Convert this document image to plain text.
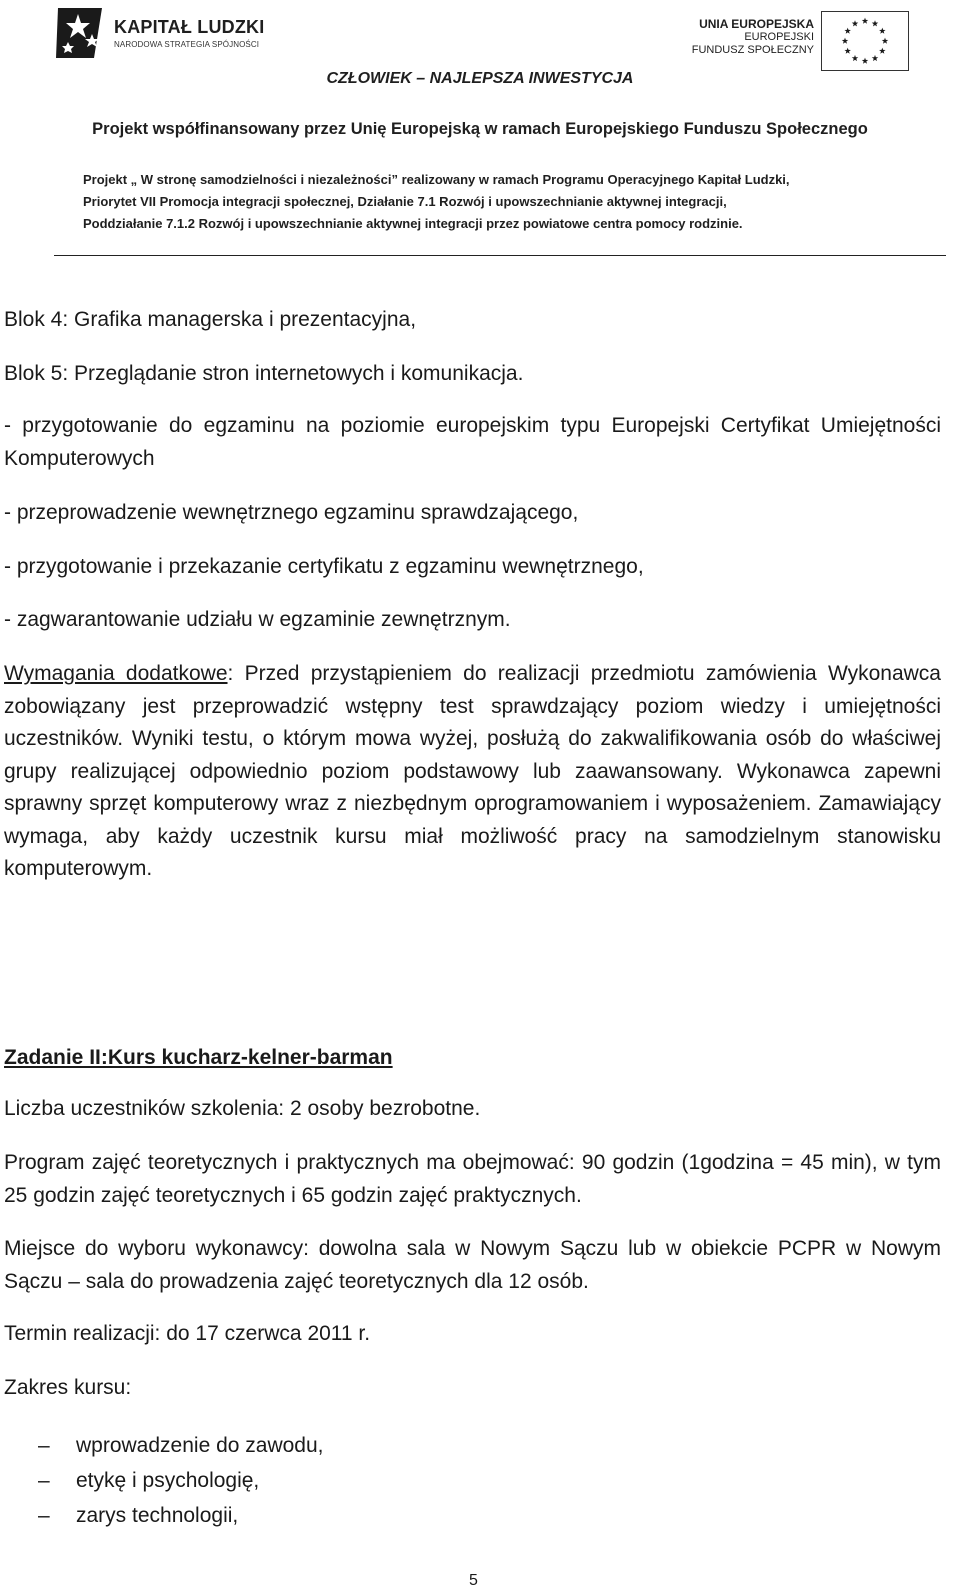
KAPITAŁ LUDZKI
NARODOWA STRATEGIA SPÓJNOŚCI
UNIA EUROPEJSKA
EUROPEJSKI
FUNDUSZ SPOŁECZNY
CZŁOWIEK – NAJLEPSZA INWESTYCJA
Projekt współfinansowany przez Unię Europejską w ramach Europejskiego Funduszu Społecznego
Projekt „ W stronę samodzielności i niezależności” realizowany w ramach Programu Operacyjnego Kapitał Ludzki,
Priorytet VII Promocja integracji społecznej, Działanie 7.1 Rozwój i upowszechnianie aktywnej integracji,
Poddziałanie 7.1.2 Rozwój i upowszechnianie aktywnej integracji przez powiatowe centra pomocy rodzinie.
Blok 4: Grafika managerska i prezentacyjna,
Blok 5: Przeglądanie stron internetowych i komunikacja.
- przygotowanie do egzaminu na poziomie europejskim typu Europejski Certyfikat Umiejętności Komputerowych
- przeprowadzenie wewnętrznego egzaminu sprawdzającego,
- przygotowanie i przekazanie certyfikatu z egzaminu wewnętrznego,
- zagwarantowanie udziału w egzaminie zewnętrznym.
Wymagania dodatkowe: Przed przystąpieniem do realizacji przedmiotu zamówienia Wykonawca zobowiązany jest przeprowadzić wstępny test sprawdzający poziom wiedzy i umiejętności uczestników. Wyniki testu, o którym mowa wyżej, posłużą do zakwalifikowania osób do właściwej grupy realizującej odpowiednio poziom podstawowy lub zaawansowany. Wykonawca zapewni sprawny sprzęt komputerowy wraz z niezbędnym oprogramowaniem i wyposażeniem. Zamawiający wymaga, aby każdy uczestnik kursu miał możliwość pracy na samodzielnym stanowisku komputerowym.
Zadanie II:Kurs kucharz-kelner-barman
Liczba uczestników szkolenia: 2 osoby bezrobotne.
Program zajęć teoretycznych i praktycznych ma obejmować: 90 godzin (1godzina = 45 min), w tym 25 godzin zajęć teoretycznych i 65 godzin zajęć praktycznych.
Miejsce do wyboru wykonawcy: dowolna sala w Nowym Sączu lub w obiekcie PCPR w Nowym Sączu – sala do prowadzenia zajęć teoretycznych dla 12 osób.
Termin realizacji: do 17 czerwca 2011 r.
Zakres kursu:
– wprowadzenie do zawodu,
– etykę i psychologię,
– zarys technologii,
5
